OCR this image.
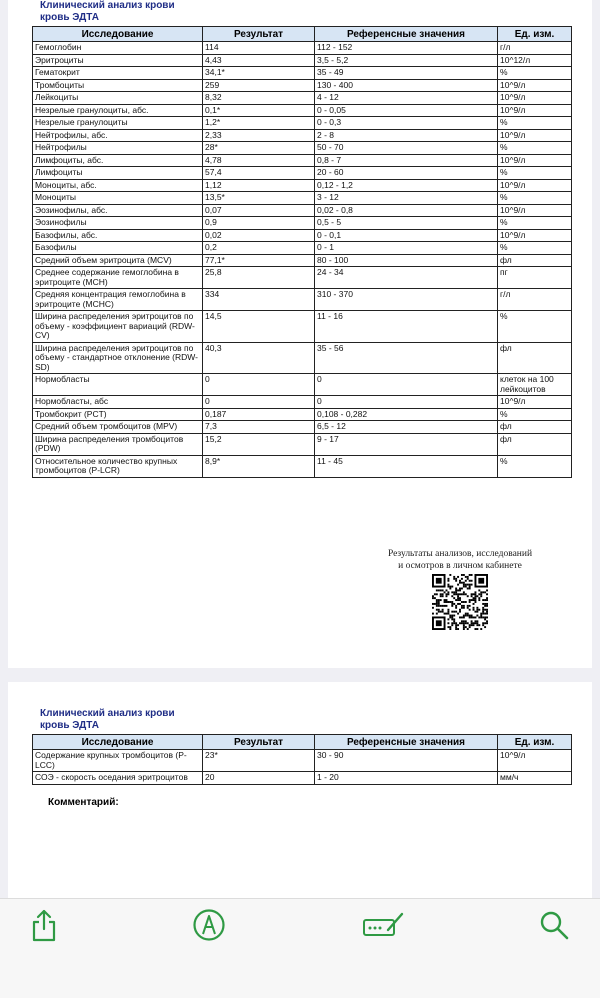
Клинический анализ крови
кровь ЭДТА
Исследование	Результат	Референсные значения	Ед. изм.
Гемоглобин	114	112 - 152	г/л
Эритроциты	4,43	3,5 - 5,2	10^12/л
Гематокрит	34,1*	35 - 49	%
Тромбоциты	259	130 - 400	10^9/л
Лейкоциты	8,32	4 - 12	10^9/л
Незрелые гранулоциты, абс.	0,1*	0 - 0,05	10^9/л
Незрелые гранулоциты	1,2*	0 - 0,3	%
Нейтрофилы, абс.	2,33	2 - 8	10^9/л
Нейтрофилы	28*	50 - 70	%
Лимфоциты, абс.	4,78	0,8 - 7	10^9/л
Лимфоциты	57,4	20 - 60	%
Моноциты, абс.	1,12	0,12 - 1,2	10^9/л
Моноциты	13,5*	3 - 12	%
Эозинофилы, абс.	0,07	0,02 - 0,8	10^9/л
Эозинофилы	0,9	0,5 - 5	%
Базофилы, абс.	0,02	0 - 0,1	10^9/л
Базофилы	0,2	0 - 1	%
Средний объем эритроцита (MCV)	77,1*	80 - 100	фл
Среднее содержание гемоглобина в эритроците (MCH)	25,8	24 - 34	пг
Средняя концентрация гемоглобина в эритроците (MCHC)	334	310 - 370	г/л
Ширина распределения эритроцитов по объему - коэффициент вариаций (RDW-CV)	14,5	11 - 16	%
Ширина распределения эритроцитов по объему - стандартное отклонение (RDW-SD)	40,3	35 - 56	фл
Нормобласты	0	0	клеток на 100 лейкоцитов
Нормобласты, абс	0	0	10^9/л
Тромбокрит (PCT)	0,187	0,108 - 0,282	%
Средний объем тромбоцитов (MPV)	7,3	6,5 - 12	фл
Ширина распределения тромбоцитов (PDW)	15,2	9 - 17	фл
Относительное количество крупных тромбоцитов (P-LCR)	8,9*	11 - 45	%
Результаты анализов, исследований
и осмотров в личном кабинете
Клинический анализ крови
кровь ЭДТА
Исследование	Результат	Референсные значения	Ед. изм.
Содержание крупных тромбоцитов (P-LCC)	23*	30 - 90	10^9/л
СОЭ - скорость оседания эритроцитов	20	1 - 20	мм/ч
Комментарий:
